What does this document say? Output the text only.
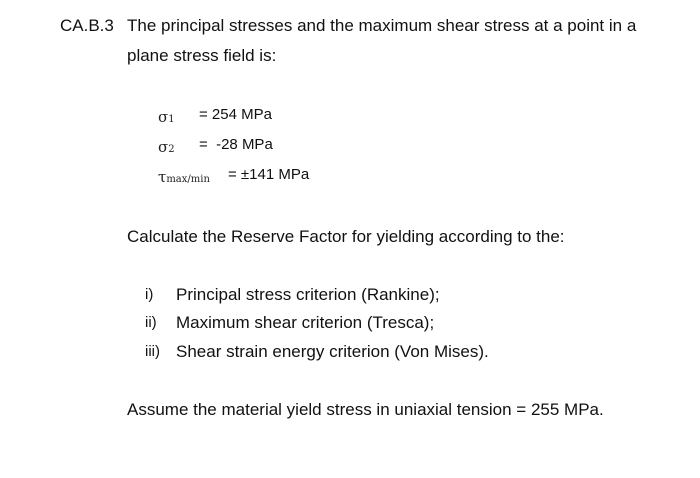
CA.B.3 The principal stresses and the maximum shear stress at a point in a
plane stress field is:
σ1 = 254 MPa
σ2 =  -28 MPa
τmax/min = ±141 MPa
Calculate the Reserve Factor for yielding according to the:
i) Principal stress criterion (Rankine);
ii) Maximum shear criterion (Tresca);
iii) Shear strain energy criterion (Von Mises).
Assume the material yield stress in uniaxial tension = 255 MPa.
